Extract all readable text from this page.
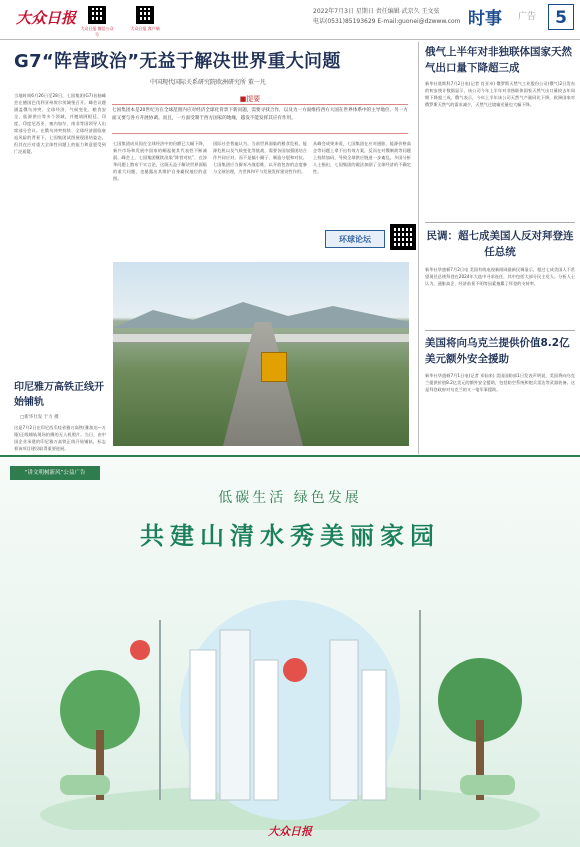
大众日报
大众日报 微信公众号
大众日报 客户端
2022年7月3日 星期日 责任编辑 武京久 王文弦
电话(0531)85193629 E-mail:guonei@dzwww.com 时事 广告	5
G7“阵营政治”无益于解决世界重大问题
中国现代国际关系研究院欧洲研究所 董一凡
■提要
七国集团本是20世纪为在全球范围内应对经济全球化背景下新问题，需要寻找合作，以及为一方面维持西方大国在世界体系中的主导地位、另一方面又要与各方开展协调。而且，一方面受制于西方国家的地缘，越发不能发挥其应有作用。
当地时间6月26日至28日，七国集团(G7)首脑峰会在德国巴伐利亚州埃尔茂城堡召开。峰会议题涵盖俄乌冲突、全球经济、气候变化、粮食安全、能源供应等多个领域，并邀请阿根廷、印度、印度尼西亚、塞内加尔、南非等国领导人出席部分会议。在俄乌冲突持续、全球经济面临衰退风险的背景下，七国集团试图展现团结姿态，但其在应对重大全球性问题上的能力和意愿受到广泛质疑。
七国集团成员国在全球经济中的份额已大幅下降，新兴市场和发展中国家的崛起使其代表性不断减弱。峰会上，七国集团继续渲染“阵营对抗”，在涉华问题上散布不实言论，这既无益于解决世界面临的重大问题，也暴露出其维护自身霸权地位的意图。
国际社会普遍认为，当前世界面临的粮食危机、能源危机以及气候变化等挑战，需要各国加强团结合作共同应对，而不是搞小圈子、制造分裂和对抗。七国集团应当摒弃冷战思维，以开放包容的态度参与全球治理，为世界和平与发展发挥建设性作用。
从峰会成果来看，七国集团在应对通胀、能源价格高企等问题上拿不出有效方案，反而在对俄制裁等问题上持续加码，导致全球供应链进一步紊乱。多国分析人士指出，七国集团的做法加剧了全球经济的不确定性。
环球论坛
印尼雅万高铁正线开始铺轨
□新华社发 于力 摄
这是7月2日在印尼西爪哇省雅万高铁(雅加达—万隆)正线铺轨现场拍摄的无人机照片。当日，由中国企业承建的印尼雅万高铁正线开始铺轨，标志着该项目建设取得重要进展。
俄气上半年对非独联体国家天然气出口量下降超三成
新华社莫斯科7月2日电(记者 肖亚卓) 俄罗斯天然气工业股份公司(俄气)2日发布的初步统计数据显示，该公司今年上半年对非独联体国家天然气出口量较去年同期下降超三成。俄气表示，今年上半年该公司天然气产量同比下降，欧洲国家对俄罗斯天然气的需求减少，天然气过境输送量也大幅下降。
民调：超七成美国人反对拜登连任总统
新华社华盛顿7月2日电 美国有线电视新闻网最新民调显示，超过七成美国人不希望现任总统拜登在2024年大选中寻求连任，其中包括大部分民主党人。分析人士认为，通胀高企、经济前景不明等因素拖累了拜登的支持率。
美国将向乌克兰提供价值8.2亿美元额外安全援助
新华社华盛顿7月1日电(记者 邓仙来) 美国国防部1日发表声明说，美国将向乌克兰提供价值8.2亿美元的额外安全援助，包括防空系统和炮兵雷达等武器装备。这是拜登政府对乌克兰的又一笔军事援助。
“讲文明树新风”公益广告
低碳生活 绿色发展
共建山清水秀美丽家园
大众日报
